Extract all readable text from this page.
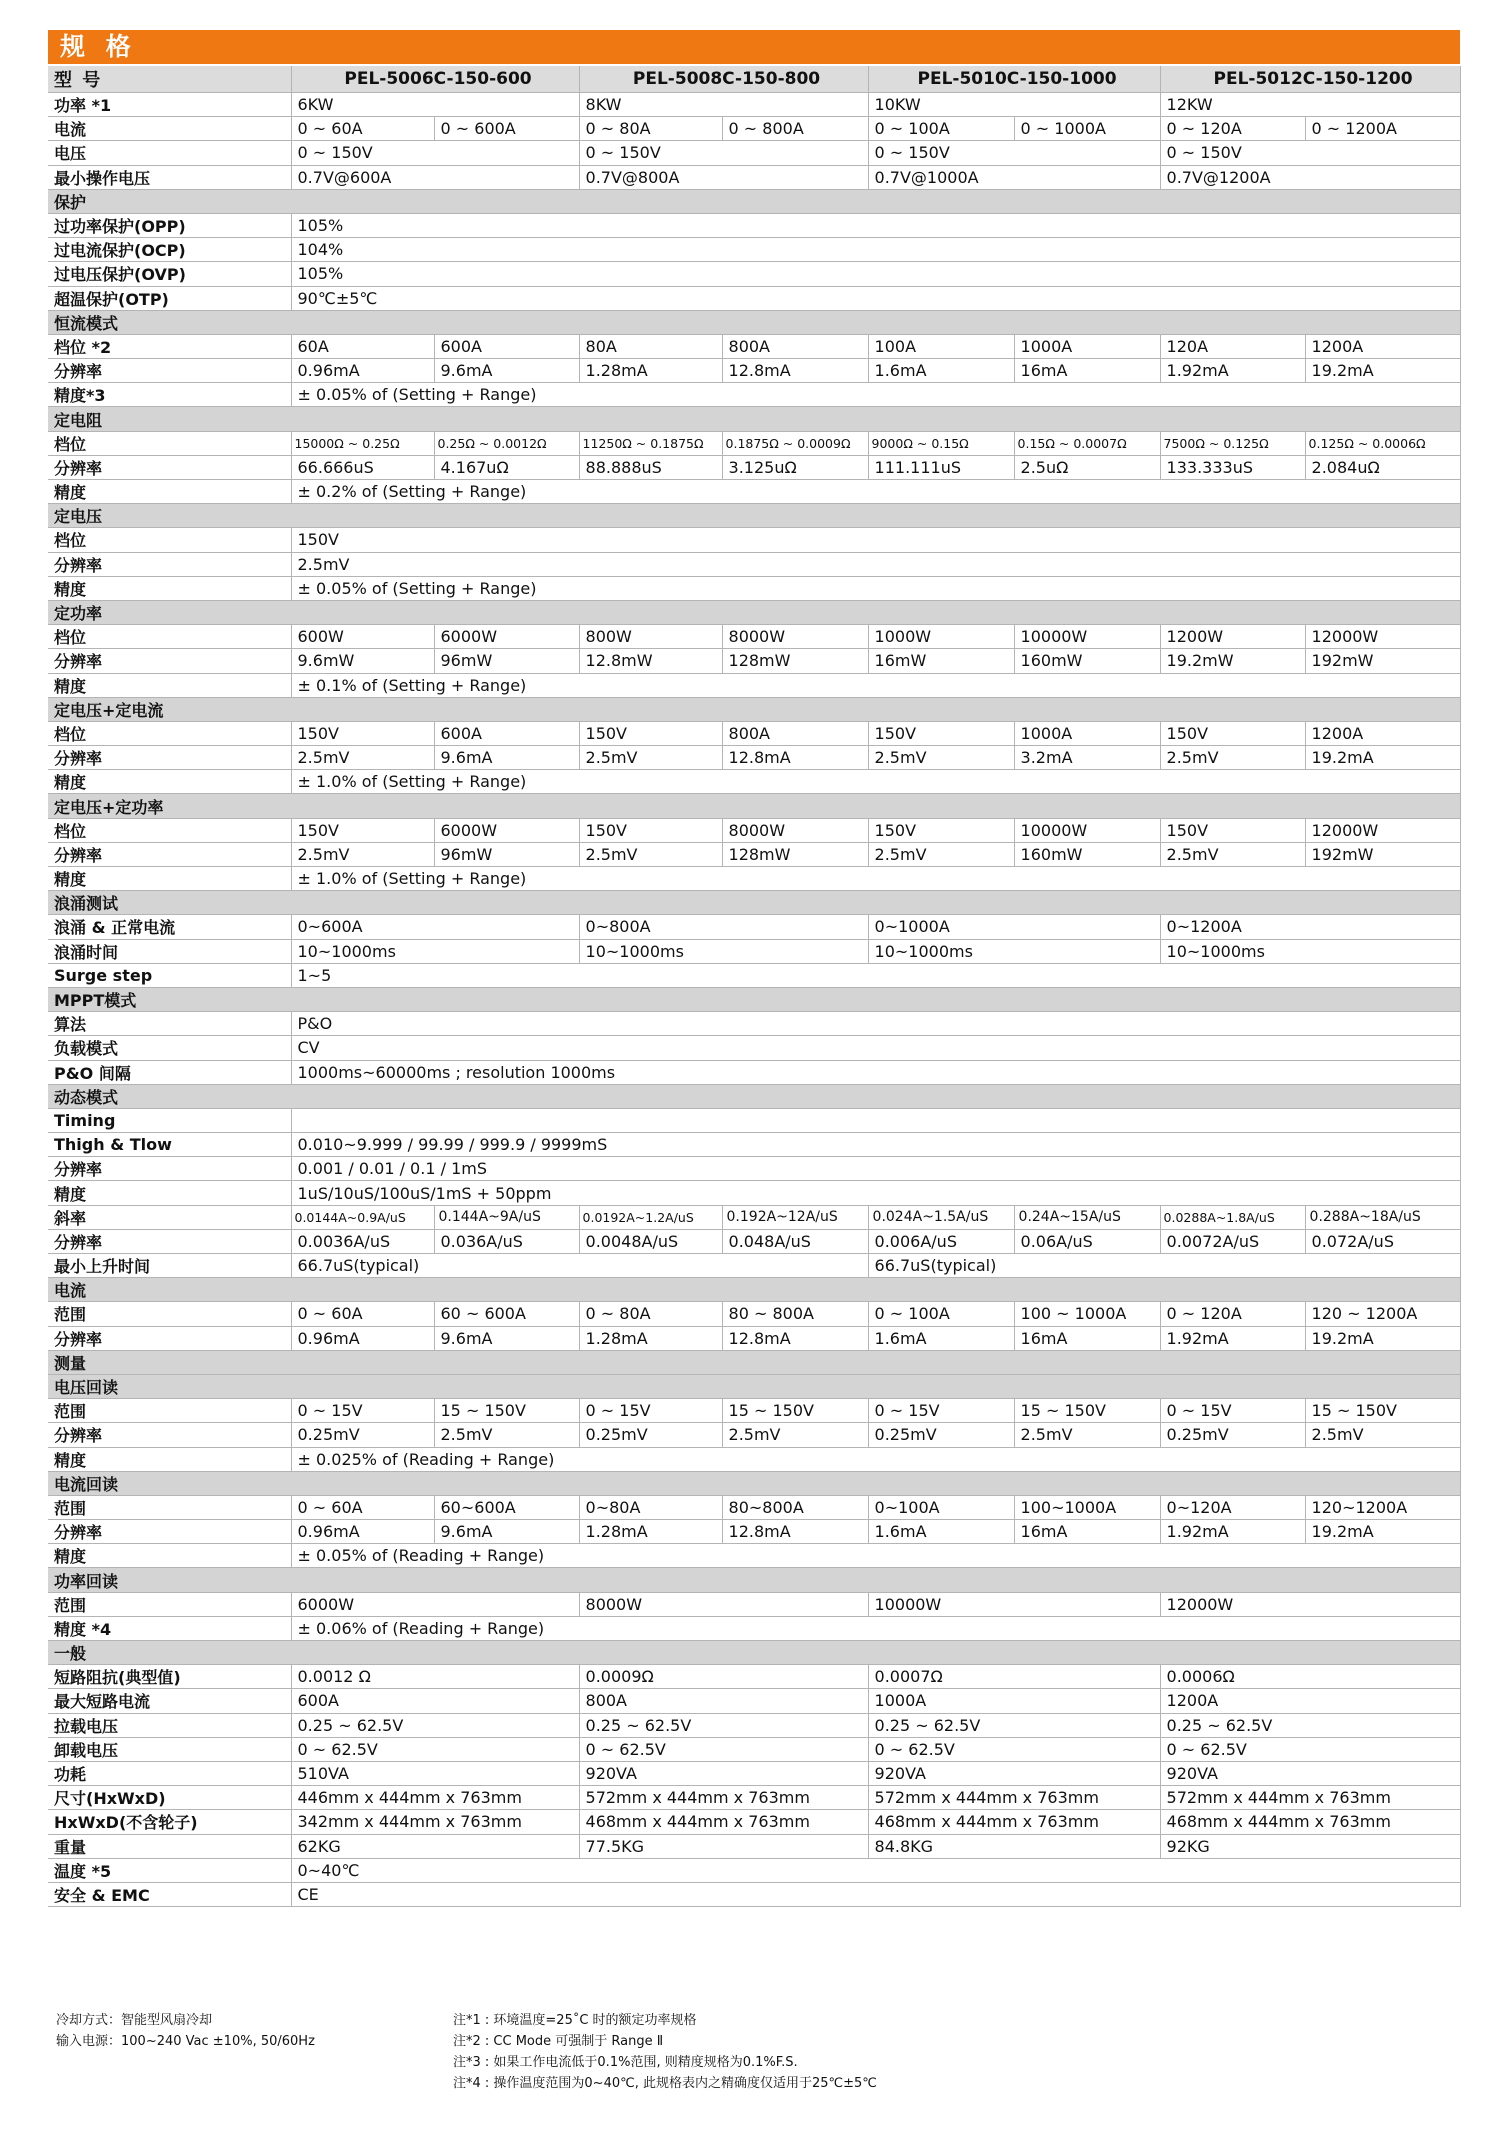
规 格
型 号	PEL-5006C-150-600		PEL-5008C-150-800		PEL-5010C-150-1000		PEL-5012C-150-1200	
功率 *1	6KW		8KW		10KW		12KW	
电流	0 ~ 60A	0 ~ 600A	0 ~ 80A	0 ~ 800A	0 ~ 100A	0 ~ 1000A	0 ~ 120A	0 ~ 1200A
电压	0 ~ 150V		0 ~ 150V		0 ~ 150V		0 ~ 150V	
最小操作电压	0.7V@600A		0.7V@800A		0.7V@1000A		0.7V@1200A	
保护								
过功率保护(OPP)	105%							
过电流保护(OCP)	104%							
过电压保护(OVP)	105%							
超温保护(OTP)	90℃±5℃							
恒流模式								
档位 *2	60A	600A	80A	800A	100A	1000A	120A	1200A
分辨率	0.96mA	9.6mA	1.28mA	12.8mA	1.6mA	16mA	1.92mA	19.2mA
精度*3	± 0.05% of (Setting + Range)							
定电阻								
档位	15000Ω ~ 0.25Ω	0.25Ω ~ 0.0012Ω	11250Ω ~ 0.1875Ω	0.1875Ω ~ 0.0009Ω	9000Ω ~ 0.15Ω	0.15Ω ~ 0.0007Ω	7500Ω ~ 0.125Ω	0.125Ω ~ 0.0006Ω
分辨率	66.666uS	4.167uΩ	88.888uS	3.125uΩ	111.111uS	2.5uΩ	133.333uS	2.084uΩ
精度	± 0.2% of (Setting + Range)							
定电压								
档位	150V							
分辨率	2.5mV							
精度	± 0.05% of (Setting + Range)							
定功率								
档位	600W	6000W	800W	8000W	1000W	10000W	1200W	12000W
分辨率	9.6mW	96mW	12.8mW	128mW	16mW	160mW	19.2mW	192mW
精度	± 0.1% of (Setting + Range)							
定电压+定电流								
档位	150V	600A	150V	800A	150V	1000A	150V	1200A
分辨率	2.5mV	9.6mA	2.5mV	12.8mA	2.5mV	3.2mA	2.5mV	19.2mA
精度	± 1.0% of (Setting + Range)							
定电压+定功率								
档位	150V	6000W	150V	8000W	150V	10000W	150V	12000W
分辨率	2.5mV	96mW	2.5mV	128mW	2.5mV	160mW	2.5mV	192mW
精度	± 1.0% of (Setting + Range)							
浪涌测试								
浪涌 & 正常电流	0~600A		0~800A		0~1000A		0~1200A	
浪涌时间	10~1000ms		10~1000ms		10~1000ms		10~1000ms	
Surge step	1~5							
MPPT模式								
算法	P&O							
负载模式	CV							
P&O 间隔	1000ms~60000ms ; resolution 1000ms							
动态模式								
Timing								
Thigh & Tlow	0.010~9.999 / 99.99 / 999.9 / 9999mS							
分辨率	0.001 / 0.01 / 0.1 / 1mS							
精度	1uS/10uS/100uS/1mS + 50ppm							
斜率	0.0144A~0.9A/uS	0.144A~9A/uS	0.0192A~1.2A/uS	0.192A~12A/uS	0.024A~1.5A/uS	0.24A~15A/uS	0.0288A~1.8A/uS	0.288A~18A/uS
分辨率	0.0036A/uS	0.036A/uS	0.0048A/uS	0.048A/uS	0.006A/uS	0.06A/uS	0.0072A/uS	0.072A/uS
最小上升时间	66.7uS(typical)				66.7uS(typical)			
电流								
范围	0 ~ 60A	60 ~ 600A	0 ~ 80A	80 ~ 800A	0 ~ 100A	100 ~ 1000A	0 ~ 120A	120 ~ 1200A
分辨率	0.96mA	9.6mA	1.28mA	12.8mA	1.6mA	16mA	1.92mA	19.2mA
测量								
电压回读								
范围	0 ~ 15V	15 ~ 150V	0 ~ 15V	15 ~ 150V	0 ~ 15V	15 ~ 150V	0 ~ 15V	15 ~ 150V
分辨率	0.25mV	2.5mV	0.25mV	2.5mV	0.25mV	2.5mV	0.25mV	2.5mV
精度	± 0.025% of (Reading + Range)							
电流回读								
范围	0 ~ 60A	60~600A	0~80A	80~800A	0~100A	100~1000A	0~120A	120~1200A
分辨率	0.96mA	9.6mA	1.28mA	12.8mA	1.6mA	16mA	1.92mA	19.2mA
精度	± 0.05% of (Reading + Range)							
功率回读								
范围	6000W		8000W		10000W		12000W	
精度 *4	± 0.06% of (Reading + Range)							
一般								
短路阻抗(典型值)	0.0012 Ω		0.0009Ω		0.0007Ω		0.0006Ω	
最大短路电流	600A		800A		1000A		1200A	
拉载电压	0.25 ~ 62.5V		0.25 ~ 62.5V		0.25 ~ 62.5V		0.25 ~ 62.5V	
卸载电压	0 ~ 62.5V		0 ~ 62.5V		0 ~ 62.5V		0 ~ 62.5V	
功耗	510VA		920VA		920VA		920VA	
尺寸(HxWxD)	446mm x 444mm x 763mm		572mm x 444mm x 763mm		572mm x 444mm x 763mm		572mm x 444mm x 763mm	
HxWxD(不含轮子)	342mm x 444mm x 763mm		468mm x 444mm x 763mm		468mm x 444mm x 763mm		468mm x 444mm x 763mm	
重量	62KG		77.5KG		84.8KG		92KG	
温度 *5	0~40℃							
安全 & EMC	CE							
冷却方式：智能型风扇冷却
输入电源：100~240 Vac ±10%, 50/60Hz
注*1 : 环境温度=25˚C 时的额定功率规格
注*2 : CC Mode 可强制于 Range Ⅱ
注*3 : 如果工作电流低于0.1%范围, 则精度规格为0.1%F.S.
注*4 : 操作温度范围为0~40℃, 此规格表内之精确度仅适用于25℃±5℃
